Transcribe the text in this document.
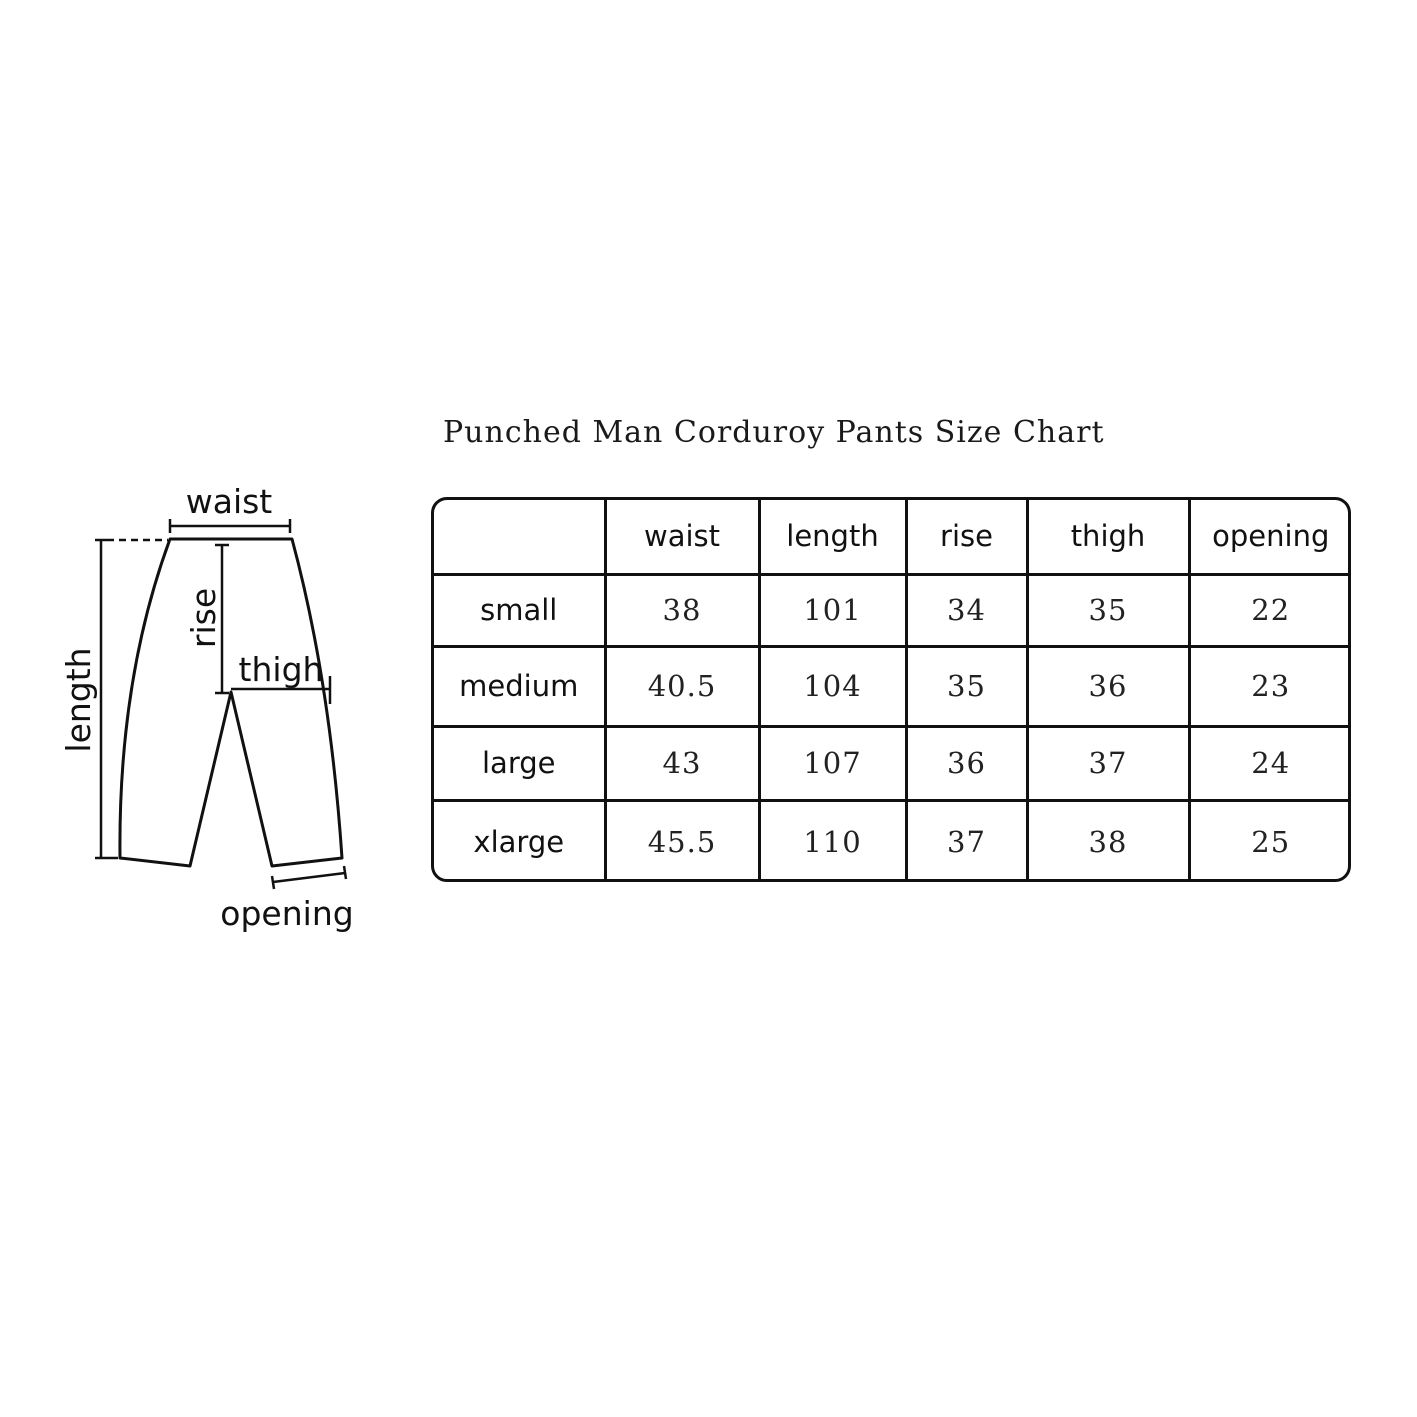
Punched Man Corduroy Pants Size Chart
waist
thigh
opening
rise
length
	waist	length	rise	thigh	opening
small	38	101	34	35	22
medium	40.5	104	35	36	23
large	43	107	36	37	24
xlarge	45.5	110	37	38	25
